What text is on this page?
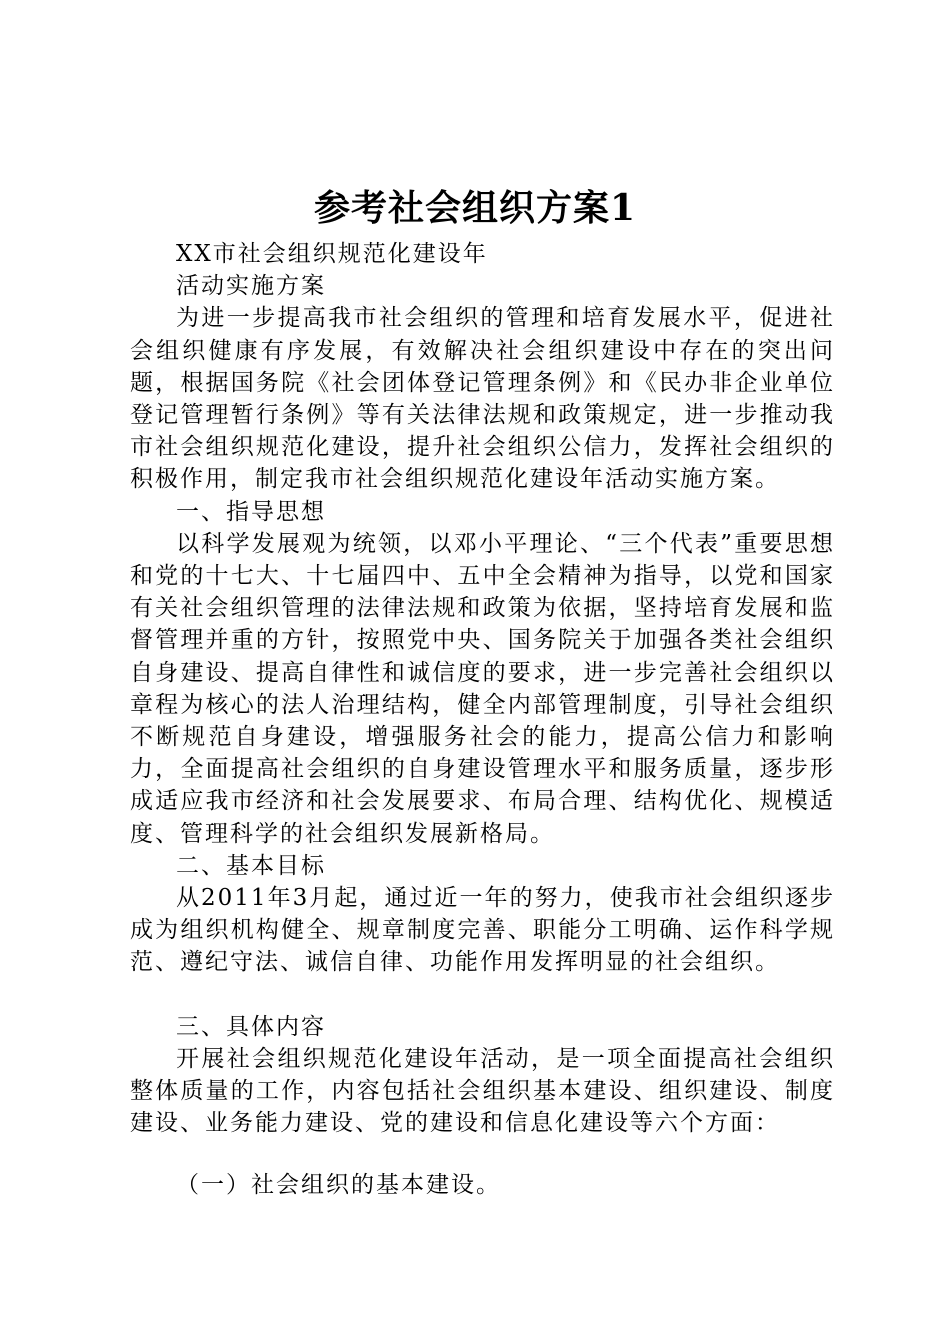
参考社会组织方案1

XX市社会组织规范化建设年

活动实施方案

为进一步提高我市社会组织的管理和培育发展水平，促进社会组织健康有序发展，有效解决社会组织建设中存在的突出问题，根据国务院《社会团体登记管理条例》和《民办非企业单位登记管理暂行条例》等有关法律法规和政策规定，进一步推动我市社会组织规范化建设，提升社会组织公信力，发挥社会组织的积极作用，制定我市社会组织规范化建设年活动实施方案。

一、指导思想

以科学发展观为统领，以邓小平理论、“三个代表”重要思想和党的十七大、十七届四中、五中全会精神为指导，以党和国家有关社会组织管理的法律法规和政策为依据，坚持培育发展和监督管理并重的方针，按照党中央、国务院关于加强各类社会组织自身建设、提高自律性和诚信度的要求，进一步完善社会组织以章程为核心的法人治理结构，健全内部管理制度，引导社会组织不断规范自身建设，增强服务社会的能力，提高公信力和影响力，全面提高社会组织的自身建设管理水平和服务质量，逐步形成适应我市经济和社会发展要求、布局合理、结构优化、规模适度、管理科学的社会组织发展新格局。

二、基本目标

从2011年3月起，通过近一年的努力，使我市社会组织逐步成为组织机构健全、规章制度完善、职能分工明确、运作科学规范、遵纪守法、诚信自律、功能作用发挥明显的社会组织。

三、具体内容

开展社会组织规范化建设年活动，是一项全面提高社会组织整体质量的工作，内容包括社会组织基本建设、组织建设、制度建设、业务能力建设、党的建设和信息化建设等六个方面：

（一）社会组织的基本建设。
